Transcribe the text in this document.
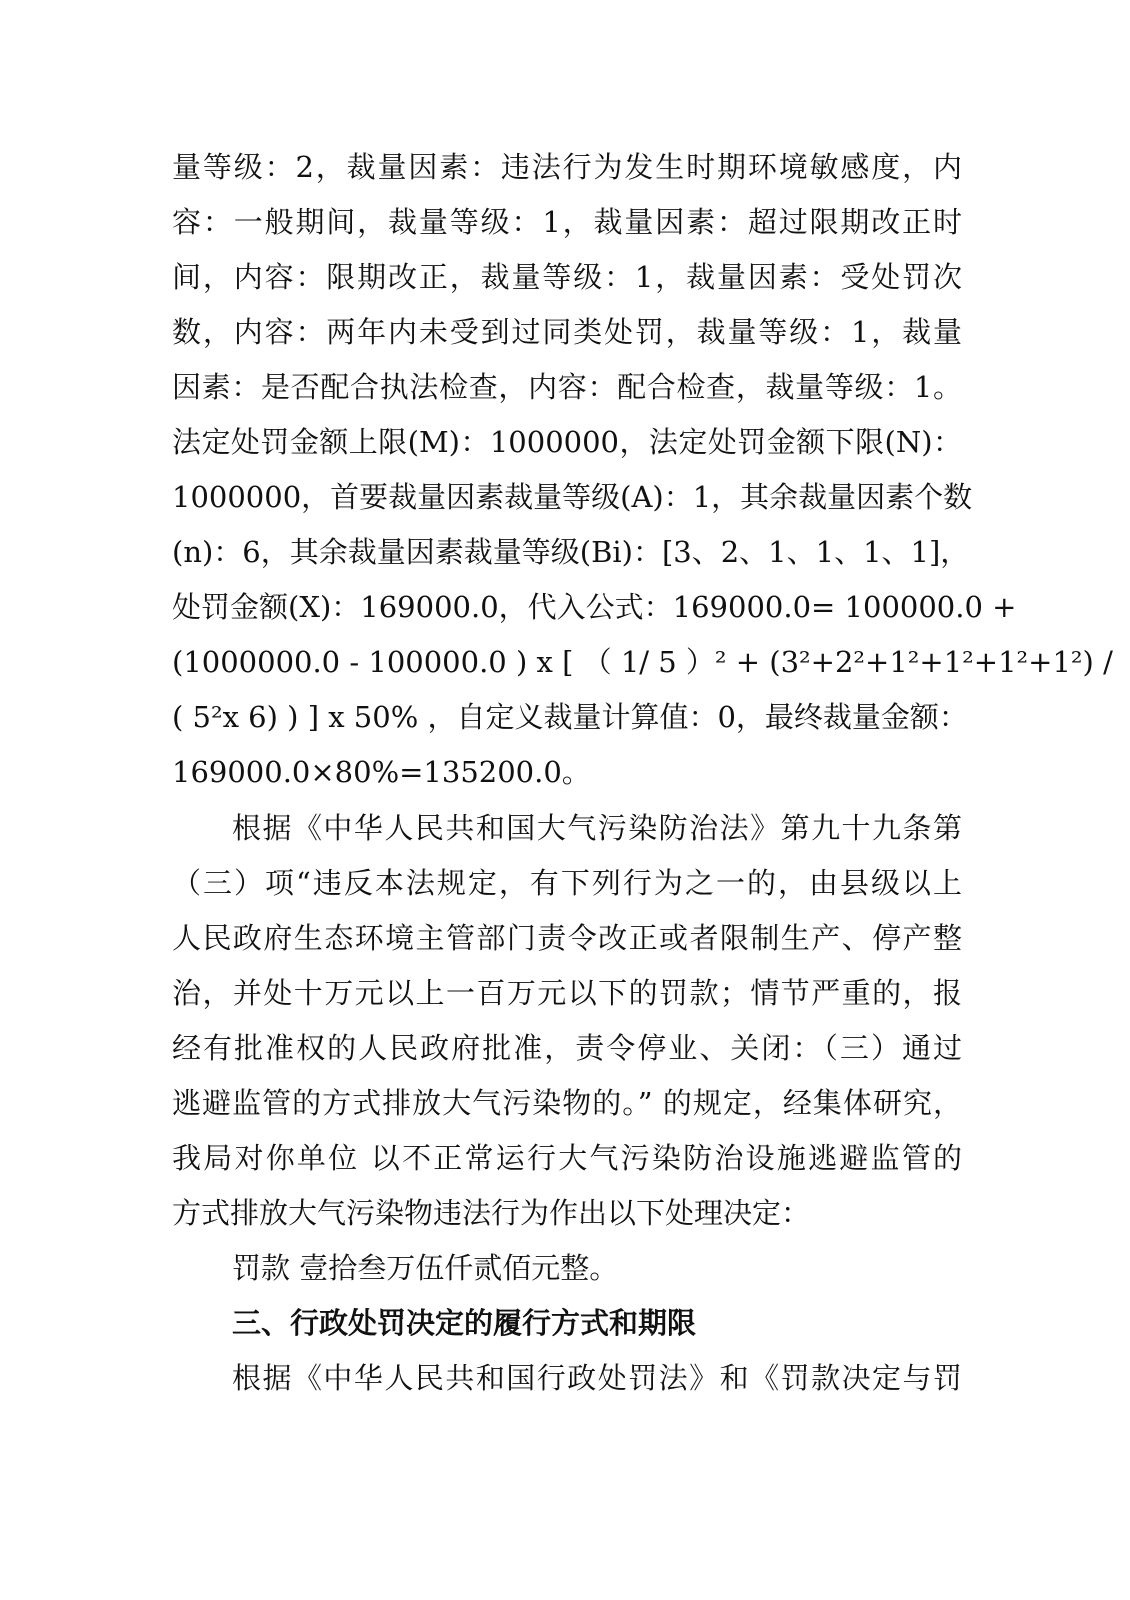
量等级：2，裁量因素：违法行为发生时期环境敏感度，内
容：一般期间，裁量等级：1，裁量因素：超过限期改正时
间，内容：限期改正，裁量等级：1，裁量因素：受处罚次
数，内容：两年内未受到过同类处罚，裁量等级：1，裁量
因素：是否配合执法检查，内容：配合检查，裁量等级：1。
法定处罚金额上限(M)：1000000，法定处罚金额下限(N)：
1000000，首要裁量因素裁量等级(A)：1，其余裁量因素个数
(n)：6，其余裁量因素裁量等级(Bi)：[3、2、1、1、1、1]，
处罚金额(X)：169000.0，代入公式：169000.0= 100000.0 +
(1000000.0 - 100000.0 ) x [ （ 1/ 5 ）² + (3²+2²+1²+1²+1²+1²) /
( 5²x 6) ) ] x 50% ，自定义裁量计算值：0，最终裁量金额：
169000.0×80%=135200.0。
根据《中华人民共和国大气污染防治法》第九十九条第
（三）项“违反本法规定，有下列行为之一的，由县级以上
人民政府生态环境主管部门责令改正或者限制生产、停产整
治，并处十万元以上一百万元以下的罚款；情节严重的，报
经有批准权的人民政府批准，责令停业、关闭：（三）通过
逃避监管的方式排放大气污染物的。” 的规定，经集体研究，
我局对你单位 以不正常运行大气污染防治设施逃避监管的
方式排放大气污染物违法行为作出以下处理决定：
罚款 壹拾叁万伍仟贰佰元整。
三、行政处罚决定的履行方式和期限
根据《中华人民共和国行政处罚法》和《罚款决定与罚
